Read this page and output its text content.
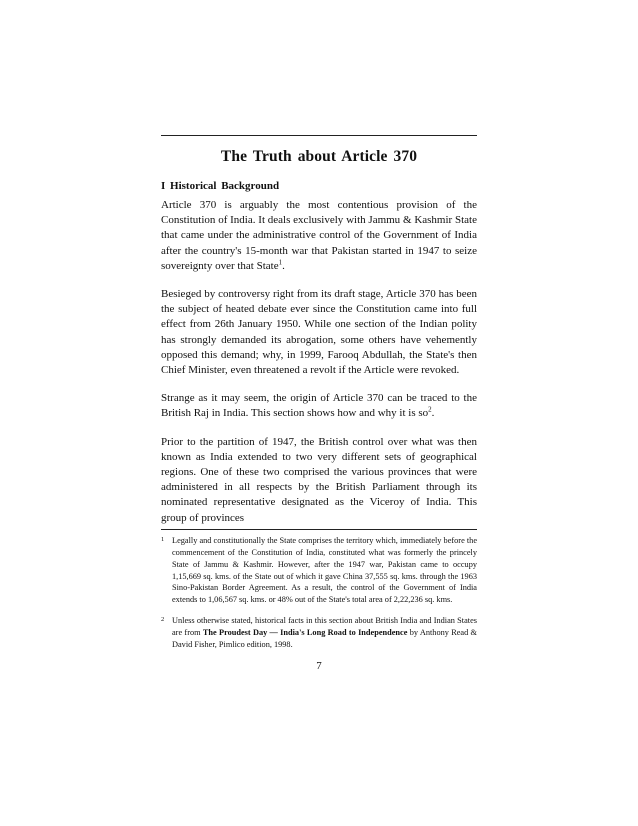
The Truth about Article 370
I Historical Background

Article 370 is arguably the most contentious provision of the Constitution of India. It deals exclusively with Jammu & Kashmir State that came under the administrative control of the Government of India after the country's 15-month war that Pakistan started in 1947 to seize sovereignty over that State$^1$.

Besieged by controversy right from its draft stage, Article 370 has been the subject of heated debate ever since the Constitution came into full effect from 26th January 1950. While one section of the Indian polity has strongly demanded its abrogation, some others have vehemently opposed this demand; why, in 1999, Farooq Abdullah, the State's then Chief Minister, even threatened a revolt if the Article were revoked.

Strange as it may seem, the origin of Article 370 can be traced to the British Raj in India. This section shows how and why it is $so^2$.

Prior to the partition of 1947, the British control over what was then known as India extended to two very different sets of geographical regions. One of these two comprised the various provinces that were administered in all respects by the British Parliament through its nominated representative designated as the Viceroy of India. This group of provinces

1 Legally and constitutionally the State comprises the territory which, immediately before the commencement of the Constitution of India, constituted what was formerly the princely State of Jammu & Kashmir. However, after the 1947 war, Pakistan came to occupy 1,15,669 sq. kms. of the State out of which it gave China 37,555 sq. kms. through the 1963 Sino-Pakistan Border Agreement. As a result, the control of the Government of India extends to 1,06,567 sq. kms. or 48% out of the State's total area of 2,22,236 sq. kms.
2 Unless otherwise stated, historical facts in this section about British India and Indian States are from The Proudest Day — India's Long Road to Independence by Anthony Read & David Fisher, Pimlico edition, 1998.
7
